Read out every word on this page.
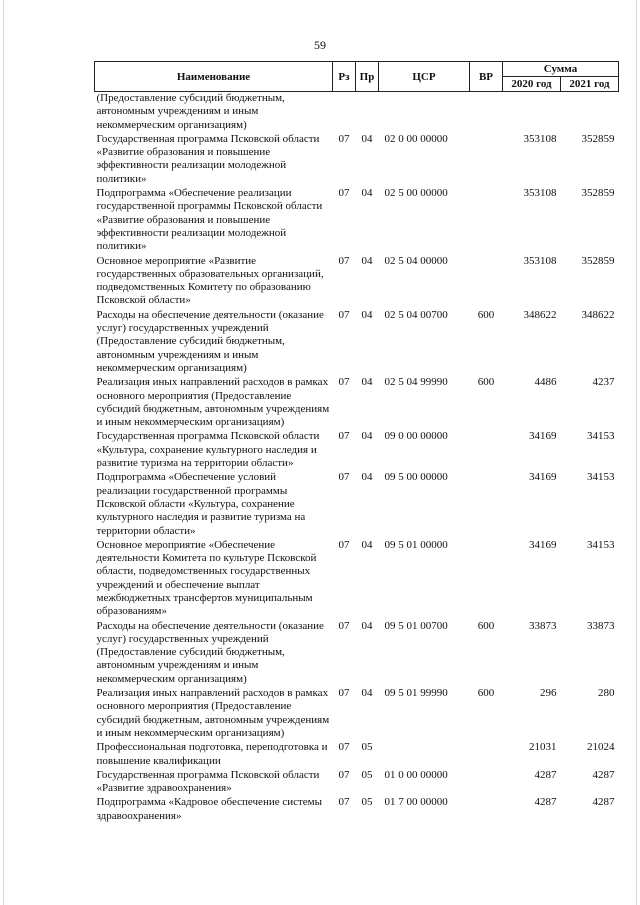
59
Наименование	Рз	Пр	ЦСР	ВР	Сумма	
					2020 год	2021 год
(Предоставление субсидий бюджетным, автономным учреждениям и иным некоммерческим организациям)						
Государственная программа Псковской области «Развитие образования и повышение эффективности реализации молодежной политики»	07	04	02 0 00 00000		353108	352859
Подпрограмма «Обеспечение реализации государственной программы Псковской области «Развитие образования и повышение эффективности реализации молодежной политики»	07	04	02 5 00 00000		353108	352859
Основное мероприятие «Развитие государственных образовательных организаций, подведомственных Комитету по образованию Псковской области»	07	04	02 5 04 00000		353108	352859
Расходы на обеспечение деятельности (оказание услуг) государственных учреждений (Предоставление субсидий бюджетным, автономным учреждениям и иным некоммерческим организациям)	07	04	02 5 04 00700	600	348622	348622
Реализация иных направлений расходов в рамках основного мероприятия (Предоставление субсидий бюджетным, автономным учреждениям и иным некоммерческим организациям)	07	04	02 5 04 99990	600	4486	4237
Государственная программа Псковской области «Культура, сохранение культурного наследия и развитие туризма на территории области»	07	04	09 0 00 00000		34169	34153
Подпрограмма «Обеспечение условий реализации государственной программы Псковской области «Культура, сохранение культурного наследия и развитие туризма на территории области»	07	04	09 5 00 00000		34169	34153
Основное мероприятие «Обеспечение деятельности Комитета по культуре Псковской области, подведомственных государственных учреждений и обеспечение выплат межбюджетных трансфертов муниципальным образованиям»	07	04	09 5 01 00000		34169	34153
Расходы на обеспечение деятельности (оказание услуг) государственных учреждений (Предоставление субсидий бюджетным, автономным учреждениям и иным некоммерческим организациям)	07	04	09 5 01 00700	600	33873	33873
Реализация иных направлений расходов в рамках основного мероприятия (Предоставление субсидий бюджетным, автономным учреждениям и иным некоммерческим организациям)	07	04	09 5 01 99990	600	296	280
Профессиональная подготовка, переподготовка и повышение квалификации	07	05			21031	21024
Государственная программа Псковской области «Развитие здравоохранения»	07	05	01 0 00 00000		4287	4287
Подпрограмма «Кадровое обеспечение системы здравоохранения»	07	05	01 7 00 00000		4287	4287
